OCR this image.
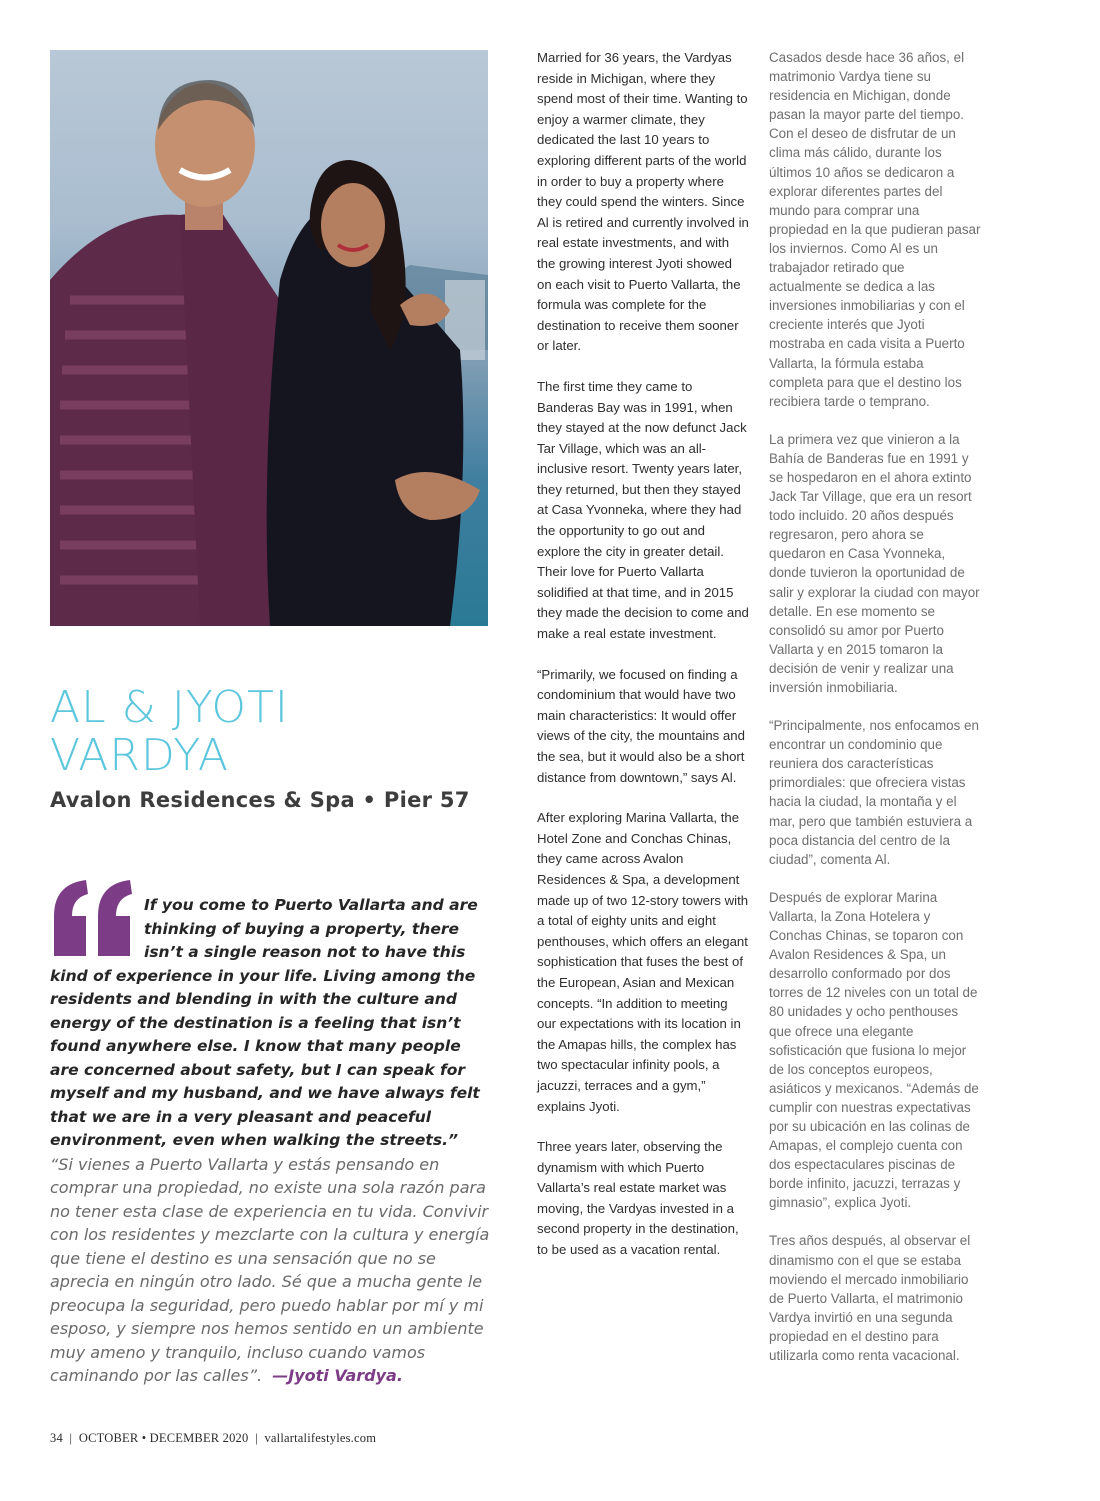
AL & JYOTI
VARDYA
Avalon Residences & Spa • Pier 57

If you come to Puerto Vallarta and are thinking of buying a property, there isn’t a single reason not to have this kind of experience in your life. Living among the residents and blending in with the culture and energy of the destination is a feeling that isn’t found anywhere else. I know that many people are concerned about safety, but I can speak for myself and my husband, and we have always felt that we are in a very pleasant and peaceful environment, even when walking the streets.”

“Si vienes a Puerto Vallarta y estás pensando en comprar una propiedad, no existe una sola razón para no tener esta clase de experiencia en tu vida. Convivir con los residentes y mezclarte con la cultura y energía que tiene el destino es una sensación que no se aprecia en ningún otro lado. Sé que a mucha gente le preocupa la seguridad, pero puedo hablar por mí y mi esposo, y siempre nos hemos sentido en un ambiente muy ameno y tranquilo, incluso cuando vamos caminando por las calles”. —Jyoti Vardya.

Married for 36 years, the Vardyas reside in Michigan, where they spend most of their time. Wanting to enjoy a warmer climate, they dedicated the last 10 years to exploring different parts of the world in order to buy a property where they could spend the winters. Since Al is retired and currently involved in real estate investments, and with the growing interest Jyoti showed on each visit to Puerto Vallarta, the formula was complete for the destination to receive them sooner or later.

The first time they came to Banderas Bay was in 1991, when they stayed at the now defunct Jack Tar Village, which was an all-inclusive resort. Twenty years later, they returned, but then they stayed at Casa Yvonneka, where they had the opportunity to go out and explore the city in greater detail. Their love for Puerto Vallarta solidified at that time, and in 2015 they made the decision to come and make a real estate investment.

“Primarily, we focused on finding a condominium that would have two main characteristics: It would offer views of the city, the mountains and the sea, but it would also be a short distance from downtown,” says Al.

After exploring Marina Vallarta, the Hotel Zone and Conchas Chinas, they came across Avalon Residences & Spa, a development made up of two 12-story towers with a total of eighty units and eight penthouses, which offers an elegant sophistication that fuses the best of the European, Asian and Mexican concepts. “In addition to meeting our expectations with its location in the Amapas hills, the complex has two spectacular infinity pools, a jacuzzi, terraces and a gym,” explains Jyoti.

Three years later, observing the dynamism with which Puerto Vallarta’s real estate market was moving, the Vardyas invested in a second property in the destination, to be used as a vacation rental.

Casados desde hace 36 años, el matrimonio Vardya tiene su residencia en Michigan, donde pasan la mayor parte del tiempo. Con el deseo de disfrutar de un clima más cálido, durante los últimos 10 años se dedicaron a explorar diferentes partes del mundo para comprar una propiedad en la que pudieran pasar los inviernos. Como Al es un trabajador retirado que actualmente se dedica a las inversiones inmobiliarias y con el creciente interés que Jyoti mostraba en cada visita a Puerto Vallarta, la fórmula estaba completa para que el destino los recibiera tarde o temprano.

La primera vez que vinieron a la Bahía de Banderas fue en 1991 y se hospedaron en el ahora extinto Jack Tar Village, que era un resort todo incluido. 20 años después regresaron, pero ahora se quedaron en Casa Yvonneka, donde tuvieron la oportunidad de salir y explorar la ciudad con mayor detalle. En ese momento se consolidó su amor por Puerto Vallarta y en 2015 tomaron la decisión de venir y realizar una inversión inmobiliaria.

“Principalmente, nos enfocamos en encontrar un condominio que reuniera dos características primordiales: que ofreciera vistas hacia la ciudad, la montaña y el mar, pero que también estuviera a poca distancia del centro de la ciudad”, comenta Al.

Después de explorar Marina Vallarta, la Zona Hotelera y Conchas Chinas, se toparon con Avalon Residences & Spa, un desarrollo conformado por dos torres de 12 niveles con un total de 80 unidades y ocho penthouses que ofrece una elegante sofisticación que fusiona lo mejor de los conceptos europeos, asiáticos y mexicanos. “Además de cumplir con nuestras expectativas por su ubicación en las colinas de Amapas, el complejo cuenta con dos espectaculares piscinas de borde infinito, jacuzzi, terrazas y gimnasio”, explica Jyoti.

Tres años después, al observar el dinamismo con el que se estaba moviendo el mercado inmobiliario de Puerto Vallarta, el matrimonio Vardya invirtió en una segunda propiedad en el destino para utilizarla como renta vacacional.

34  |  OCTOBER • DECEMBER 2020  |  vallartalifestyles.com
